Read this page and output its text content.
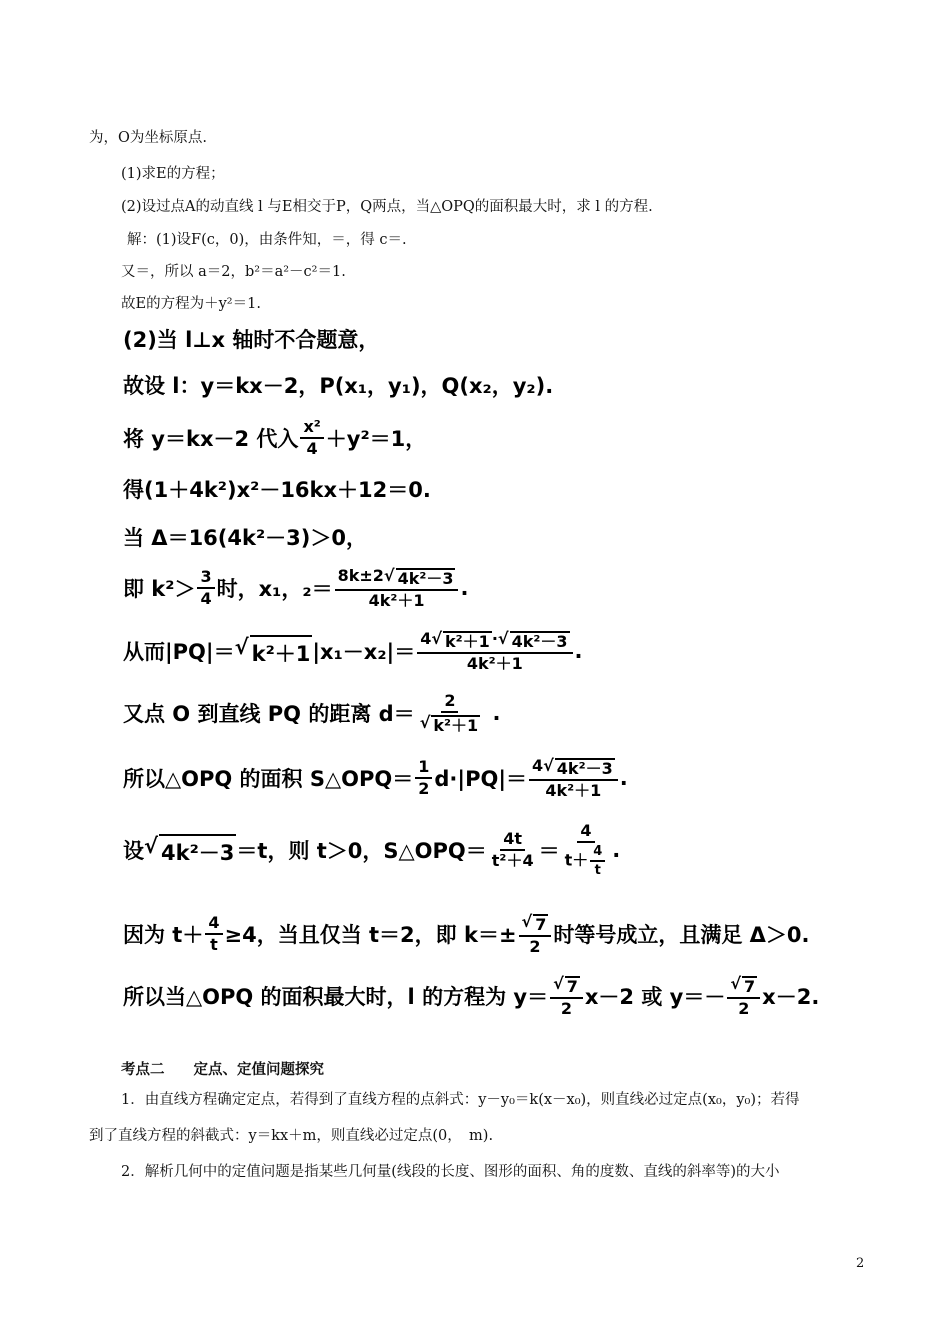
为，O为坐标原点.
(1)求E的方程；
(2)设过点A的动直线 l 与E相交于P，Q两点，当△OPQ的面积最大时，求 l 的方程.
解：(1)设F(c，0)，由条件知，＝，得 c＝.
又＝，所以 a＝2，b²＝a²－c²＝1.
故E的方程为＋y²＝1.
(2)当 l⊥x 轴时不合题意，
故设 l：y＝kx－2，P(x₁，y₁)，Q(x₂，y₂).
将 y＝kx－2 代入 $\frac{\text{x²}}{4} +y^2=1$，
得(1＋4k²)x²－16kx＋12＝0.
当 Δ＝16(4k²－3)＞0，
即 $k^2> \frac{3}{4}$ 时，x₁，$_2= \frac{\text{8k±2 √ 4k²－3}}{\text{4k²＋1}}$ .
从而|PQ|＝ √ k²＋1 $|x_1-x_2|= \frac{\text{4 √ k²＋1 · √ 4k²－3}}{\text{4k²＋1}}$ .
又点 O 到直线 PQ 的距离 $d= \frac{2}{\text{√ k²＋1}}$ .
所以△OPQ 的面积 S△OPQ＝ $\frac{1}{2} d\cdot|PQ|= \frac{\text{4 √ 4k²－3}}{\text{4k²＋1}}$ .
设 √ 4k²－3 ＝t，则 t＞0，S△OPQ＝ $\frac{4t}{\text{t²＋4}} = \frac{4}{t+ \frac{4}{t}}$ .
因为 $t+ \frac{4}{t} \ge 4$，当且仅当 t＝2，即 $k=\pm \frac{√ 7}{2}$ 时等号成立，且满足 Δ＞0.
所以当△OPQ 的面积最大时，l 的方程为 $y= \frac{√ 7}{2} x-2$ 或 $y=- \frac{√ 7}{2} x-2$.
考点二　　定点、定值问题探究
1．由直线方程确定定点，若得到了直线方程的点斜式：y－y₀＝k(x－x₀)，则直线必过定点(x₀，y₀)；若得
到了直线方程的斜截式：y＝kx＋m，则直线必过定点(0，　m).
2．解析几何中的定值问题是指某些几何量(线段的长度、图形的面积、角的度数、直线的斜率等)的大小
2
